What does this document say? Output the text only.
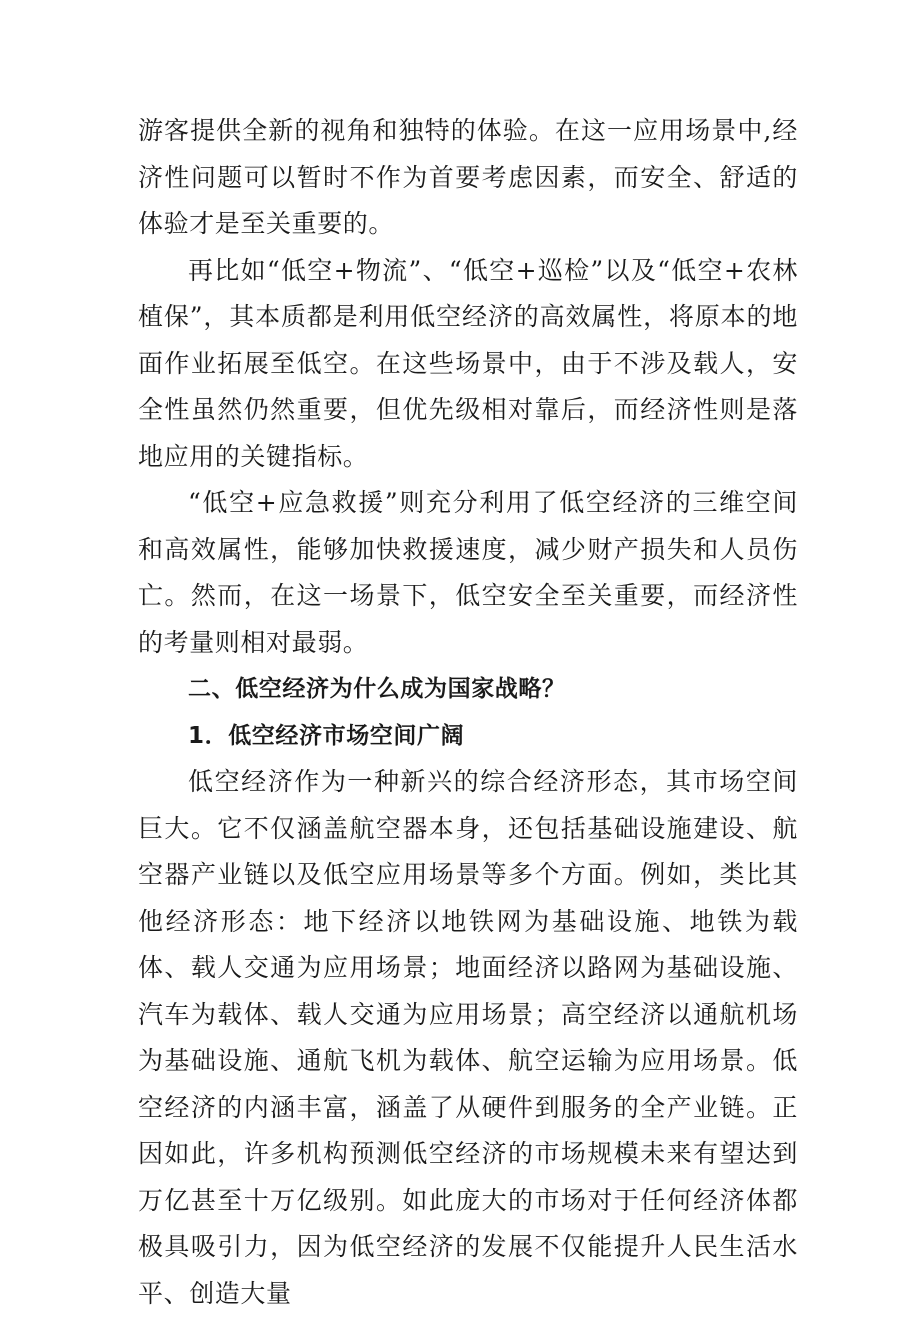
游客提供全新的视角和独特的体验。在这一应用场景中,经济性问题可以暂时不作为首要考虑因素，而安全、舒适的体验才是至关重要的。

再比如“低空+物流”、“低空+巡检”以及“低空+农林植保”，其本质都是利用低空经济的高效属性，将原本的地面作业拓展至低空。在这些场景中，由于不涉及载人，安全性虽然仍然重要，但优先级相对靠后，而经济性则是落地应用的关键指标。

“低空+应急救援”则充分利用了低空经济的三维空间和高效属性，能够加快救援速度，减少财产损失和人员伤亡。然而，在这一场景下，低空安全至关重要，而经济性的考量则相对最弱。

二、低空经济为什么成为国家战略？

1．低空经济市场空间广阔

低空经济作为一种新兴的综合经济形态，其市场空间巨大。它不仅涵盖航空器本身，还包括基础设施建设、航空器产业链以及低空应用场景等多个方面。例如，类比其他经济形态：地下经济以地铁网为基础设施、地铁为载体、载人交通为应用场景；地面经济以路网为基础设施、汽车为载体、载人交通为应用场景；高空经济以通航机场为基础设施、通航飞机为载体、航空运输为应用场景。低空经济的内涵丰富，涵盖了从硬件到服务的全产业链。正因如此，许多机构预测低空经济的市场规模未来有望达到万亿甚至十万亿级别。如此庞大的市场对于任何经济体都极具吸引力，因为低空经济的发展不仅能提升人民生活水平、创造大量
